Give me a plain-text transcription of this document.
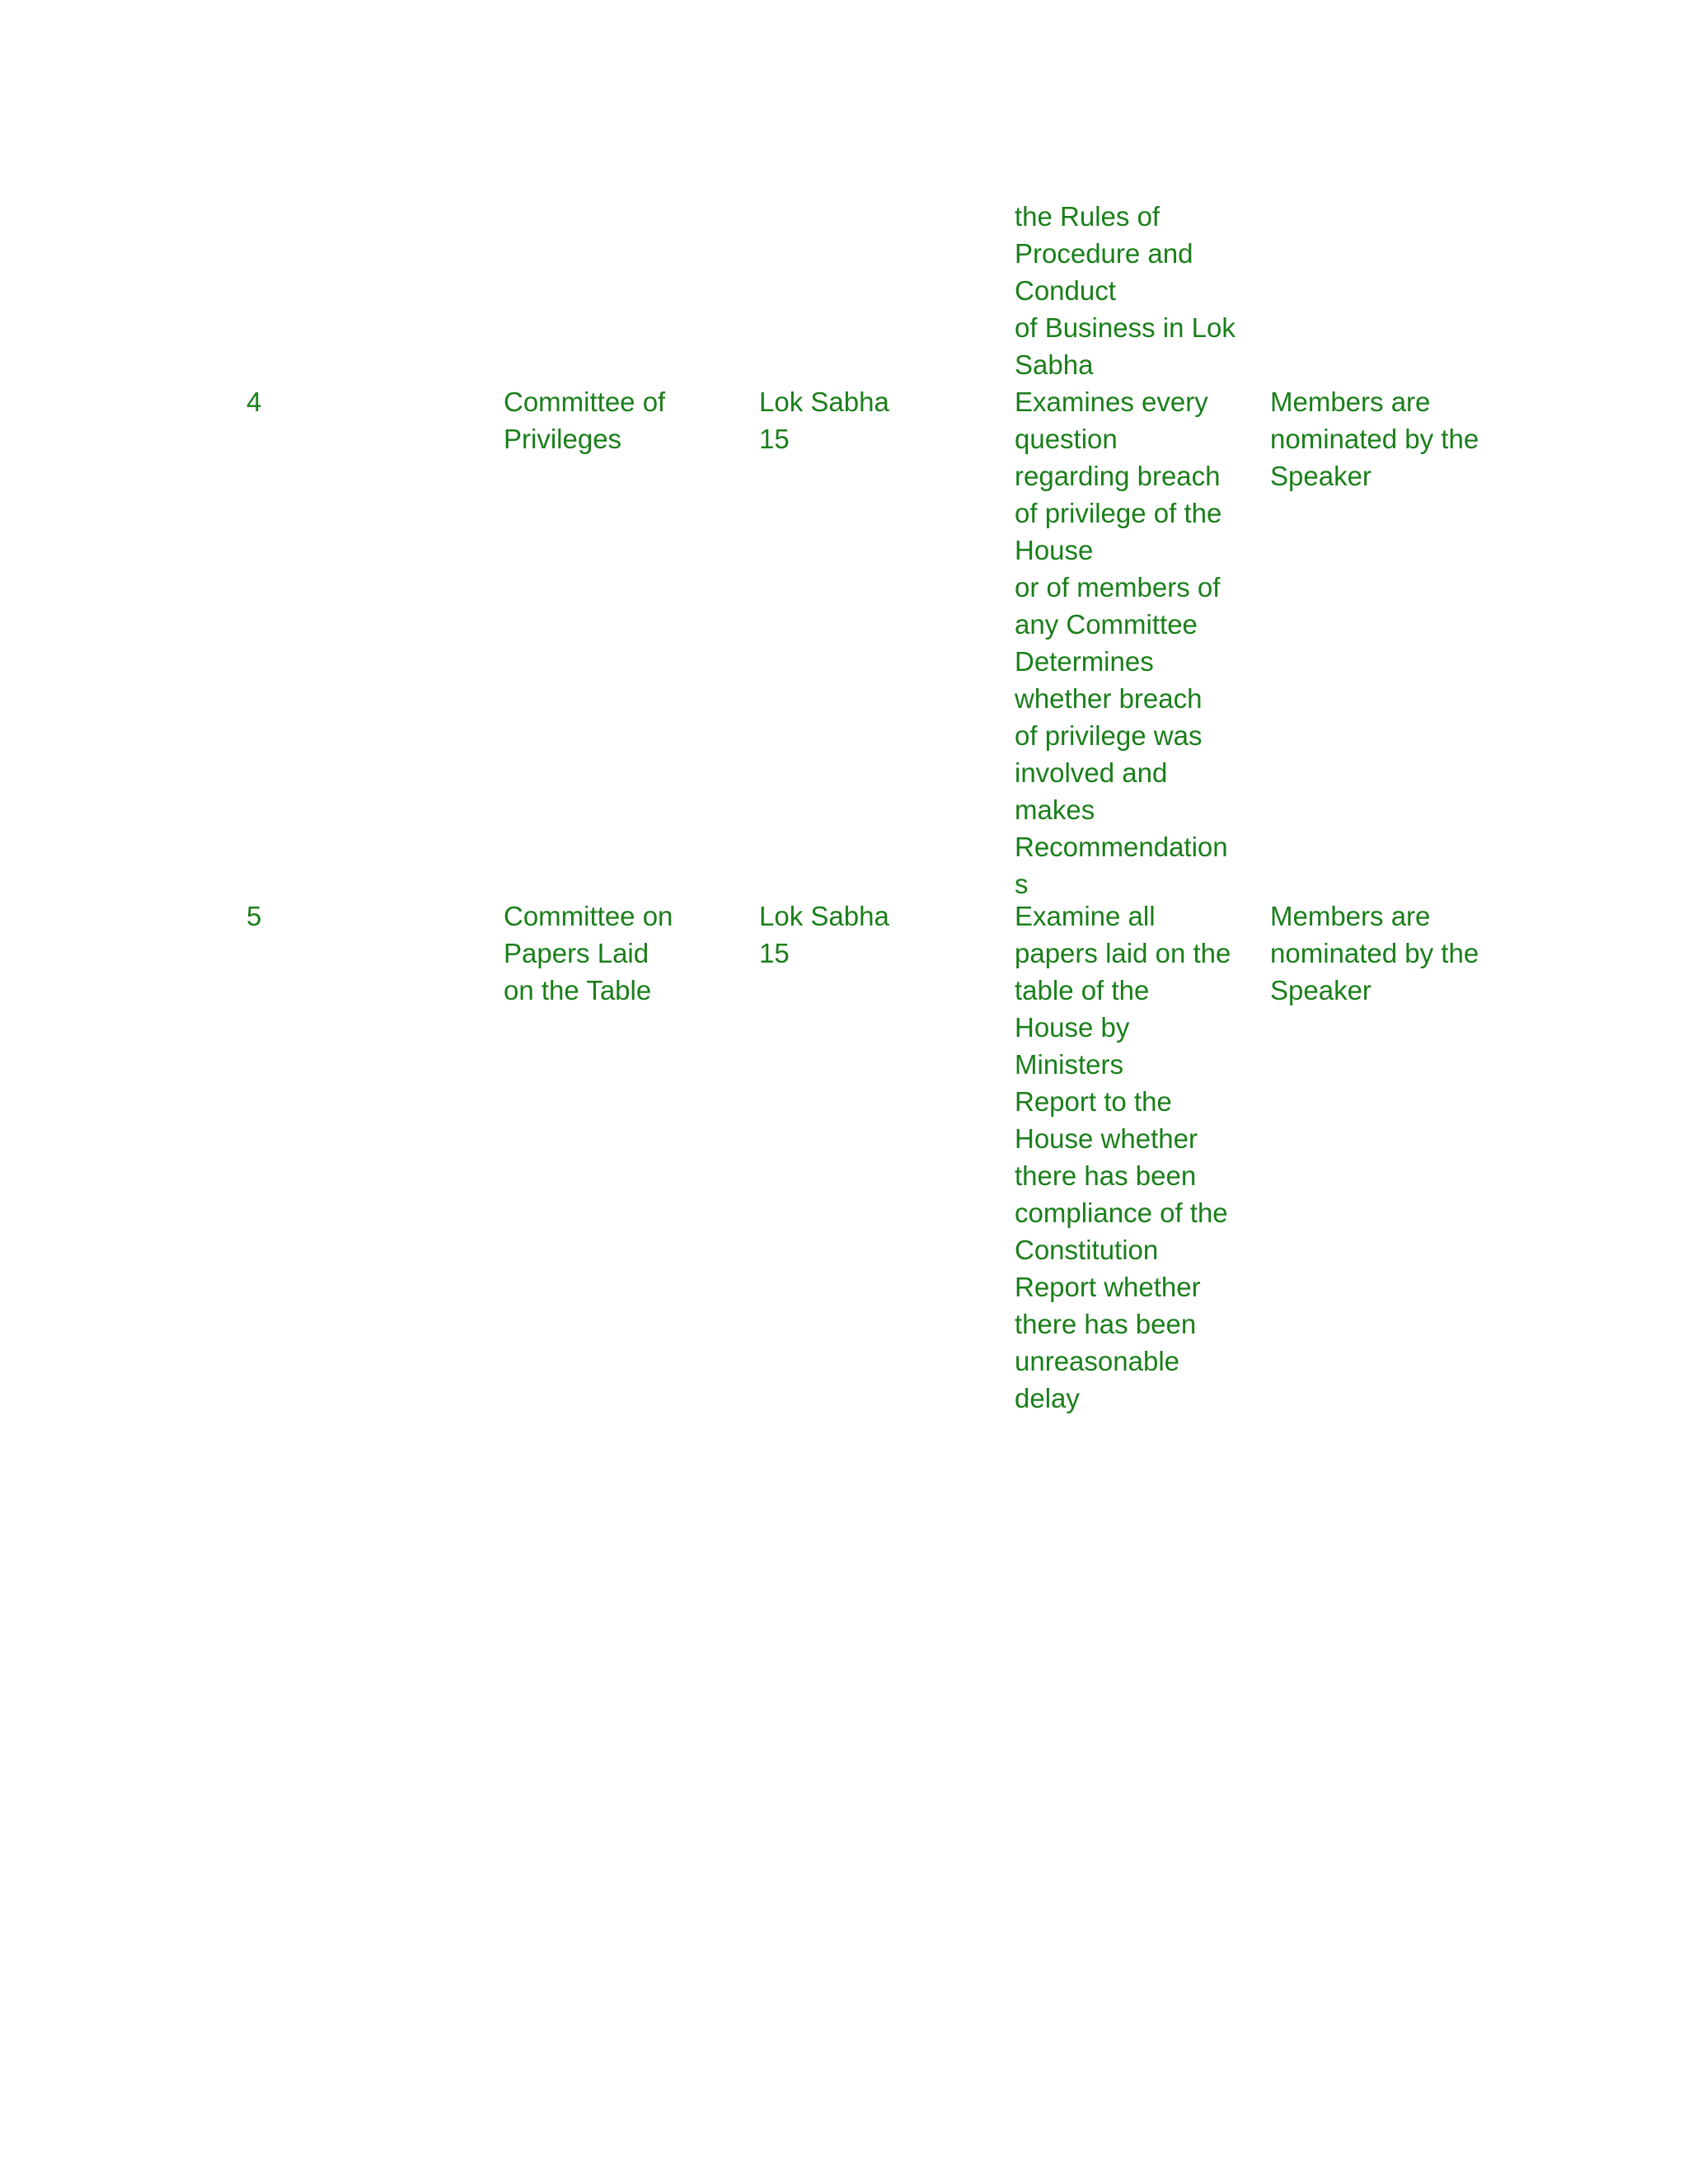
the Rules of
Procedure and
Conduct
of Business in Lok
Sabha

4	Committee of
Privileges

Lok Sabha
15

Examines every
question
regarding breach
of privilege of the
House
or of members of
any Committee
Determines
whether breach
of privilege was
involved and
makes
Recommendation
s

Members are
nominated by the
Speaker

5	Committee on
Papers Laid
on the Table

Lok Sabha
15

Examine all
papers laid on the
table of the
House by
Ministers
Report to the
House whether
there has been
compliance of the
Constitution
Report whether
there has been
unreasonable
delay

Members are
nominated by the
Speaker
